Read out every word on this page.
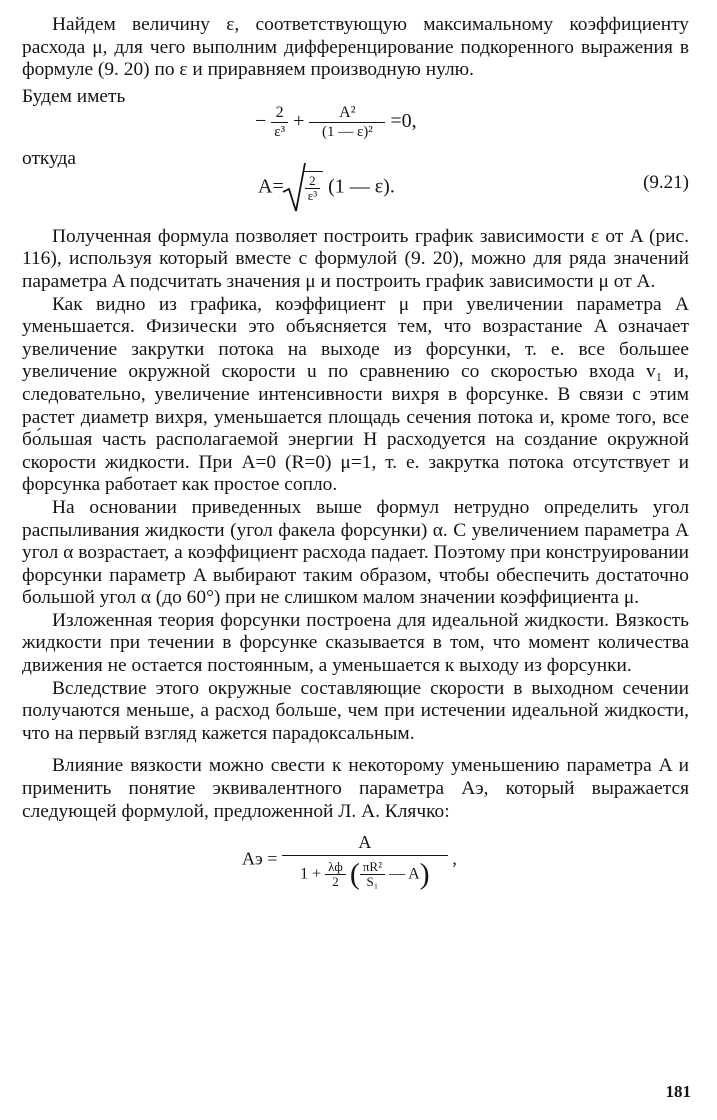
Найдем величину ε, соответствующую максимальному коэффициенту расхода μ, для чего выполним дифференцирование подкоренного выражения в формуле (9. 20) по ε и приравняем производную нулю.

Будем иметь
− $\frac{2}{\text{ε³}} + \frac{\text{A²}}{\text{(1 — ε)²}} =0$,
откуда
$A= \frac{2}{\text{ε³}} (1$ — ε).	(9.21)

Полученная формула позволяет построить график зависимости ε от A (рис. 116), используя который вместе с формулой (9. 20), можно для ряда значений параметра A подсчитать значения μ и построить график зависимости μ от A.

Как видно из графика, коэффициент μ при увеличении параметра A уменьшается. Физически это объясняется тем, что возрастание A означает увеличение закрутки потока на выходе из форсунки, т. е. все большее увеличение окружной скорости u по сравнению со скоростью входа v₁ и, следовательно, увеличение интенсивности вихря в форсунке. В связи с этим растет диаметр вихря, уменьшается площадь сечения потока и, кроме того, все бо́льшая часть располагаемой энергии H расходуется на создание окружной скорости жидкости. При A=0 (R=0) μ=1, т. е. закрутка потока отсутствует и форсунка работает как простое сопло.

На основании приведенных выше формул нетрудно определить угол распыливания жидкости (угол факела форсунки) α. С увеличением параметра A угол α возрастает, а коэффициент расхода падает. Поэтому при конструировании форсунки параметр A выбирают таким образом, чтобы обеспечить достаточно большой угол α (до 60°) при не слишком малом значении коэффициента μ.

Изложенная теория форсунки построена для идеальной жидкости. Вязкость жидкости при течении в форсунке сказывается в том, что момент количества движения не остается постоянным, а уменьшается к выходу из форсунки.

Вследствие этого окружные составляющие скорости в выходном сечении получаются меньше, а расход больше, чем при истечении идеальной жидкости, что на первый взгляд кажется парадоксальным.

Влияние вязкости можно свести к некоторому уменьшению параметра A и применить понятие эквивалентного параметра Aэ, который выражается следующей формулой, предложенной Л. А. Клячко:

Aэ =
A
$1 + \frac{\lambda ф}{2}$ ( $\frac{\text{πR²}}{\text{S₁}}$ — A)	,
181
